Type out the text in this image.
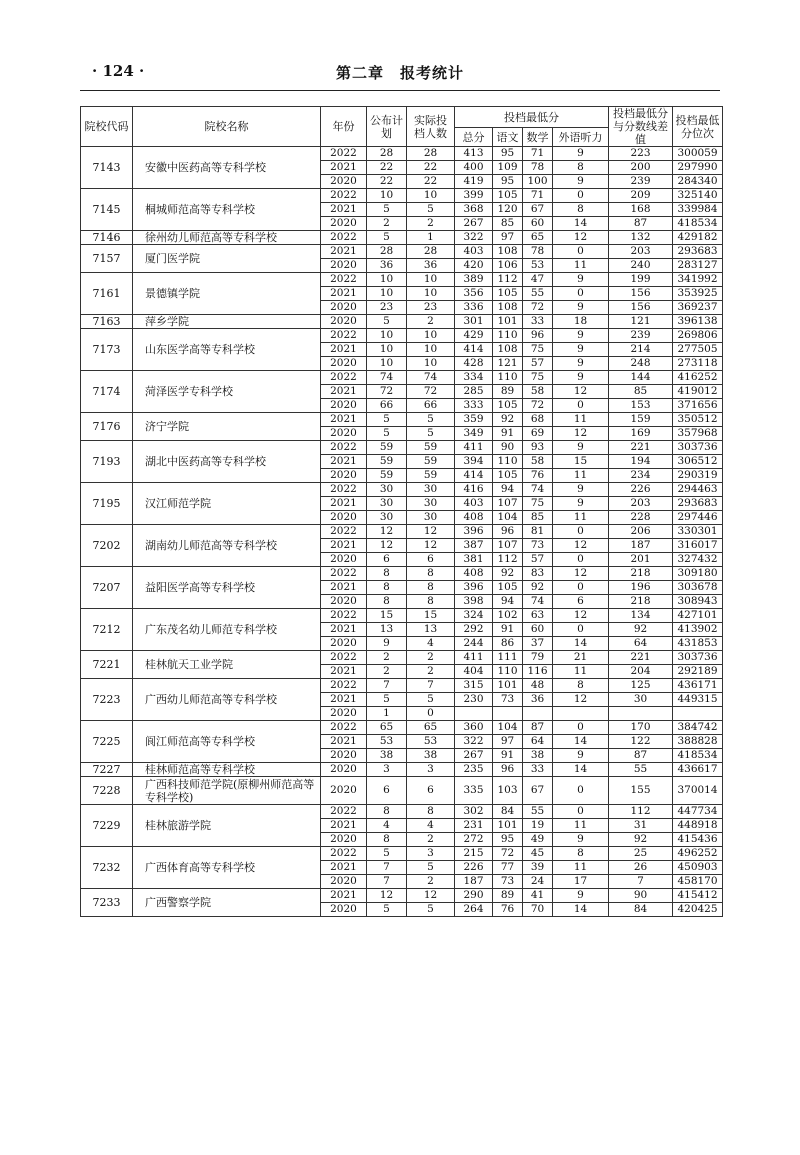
· 124 ·	第二章　报考统计
院校代码	院校名称	年份	公布计划	实际投档人数	投档最低分				投档最低分与分数线差值	投档最低分位次
					总分	语文	数学	外语听力		
7143	安徽中医药高等专科学校	2022	28	28	413	95	71	9	223	300059
		2021	22	22	400	109	78	8	200	297990
		2020	22	22	419	95	100	9	239	284340
7145	桐城师范高等专科学校	2022	10	10	399	105	71	0	209	325140
		2021	5	5	368	120	67	8	168	339984
		2020	2	2	267	85	60	14	87	418534
7146	徐州幼儿师范高等专科学校	2022	5	1	322	97	65	12	132	429182
7157	厦门医学院	2021	28	28	403	108	78	0	203	293683
		2020	36	36	420	106	53	11	240	283127
7161	景德镇学院	2022	10	10	389	112	47	9	199	341992
		2021	10	10	356	105	55	0	156	353925
		2020	23	23	336	108	72	9	156	369237
7163	萍乡学院	2020	5	2	301	101	33	18	121	396138
7173	山东医学高等专科学校	2022	10	10	429	110	96	9	239	269806
		2021	10	10	414	108	75	9	214	277505
		2020	10	10	428	121	57	9	248	273118
7174	菏泽医学专科学校	2022	74	74	334	110	75	9	144	416252
		2021	72	72	285	89	58	12	85	419012
		2020	66	66	333	105	72	0	153	371656
7176	济宁学院	2021	5	5	359	92	68	11	159	350512
		2020	5	5	349	91	69	12	169	357968
7193	湖北中医药高等专科学校	2022	59	59	411	90	93	9	221	303736
		2021	59	59	394	110	58	15	194	306512
		2020	59	59	414	105	76	11	234	290319
7195	汉江师范学院	2022	30	30	416	94	74	9	226	294463
		2021	30	30	403	107	75	9	203	293683
		2020	30	30	408	104	85	11	228	297446
7202	湖南幼儿师范高等专科学校	2022	12	12	396	96	81	0	206	330301
		2021	12	12	387	107	73	12	187	316017
		2020	6	6	381	112	57	0	201	327432
7207	益阳医学高等专科学校	2022	8	8	408	92	83	12	218	309180
		2021	8	8	396	105	92	0	196	303678
		2020	8	8	398	94	74	6	218	308943
7212	广东茂名幼儿师范专科学校	2022	15	15	324	102	63	12	134	427101
		2021	13	13	292	91	60	0	92	413902
		2020	9	4	244	86	37	14	64	431853
7221	桂林航天工业学院	2022	2	2	411	111	79	21	221	303736
		2021	2	2	404	110	116	11	204	292189
7223	广西幼儿师范高等专科学校	2022	7	7	315	101	48	8	125	436171
		2021	5	5	230	73	36	12	30	449315
		2020	1	0						
7225	阆江师范高等专科学校	2022	65	65	360	104	87	0	170	384742
		2021	53	53	322	97	64	14	122	388828
		2020	38	38	267	91	38	9	87	418534
7227	桂林师范高等专科学校	2020	3	3	235	96	33	14	55	436617
7228	广西科技师范学院(原柳州师范高等专科学校)	2020	6	6	335	103	67	0	155	370014
7229	桂林旅游学院	2022	8	8	302	84	55	0	112	447734
		2021	4	4	231	101	19	11	31	448918
		2020	8	2	272	95	49	9	92	415436
7232	广西体育高等专科学校	2022	5	3	215	72	45	8	25	496252
		2021	7	5	226	77	39	11	26	450903
		2020	7	2	187	73	24	17	7	458170
7233	广西警察学院	2021	12	12	290	89	41	9	90	415412
		2020	5	5	264	76	70	14	84	420425
